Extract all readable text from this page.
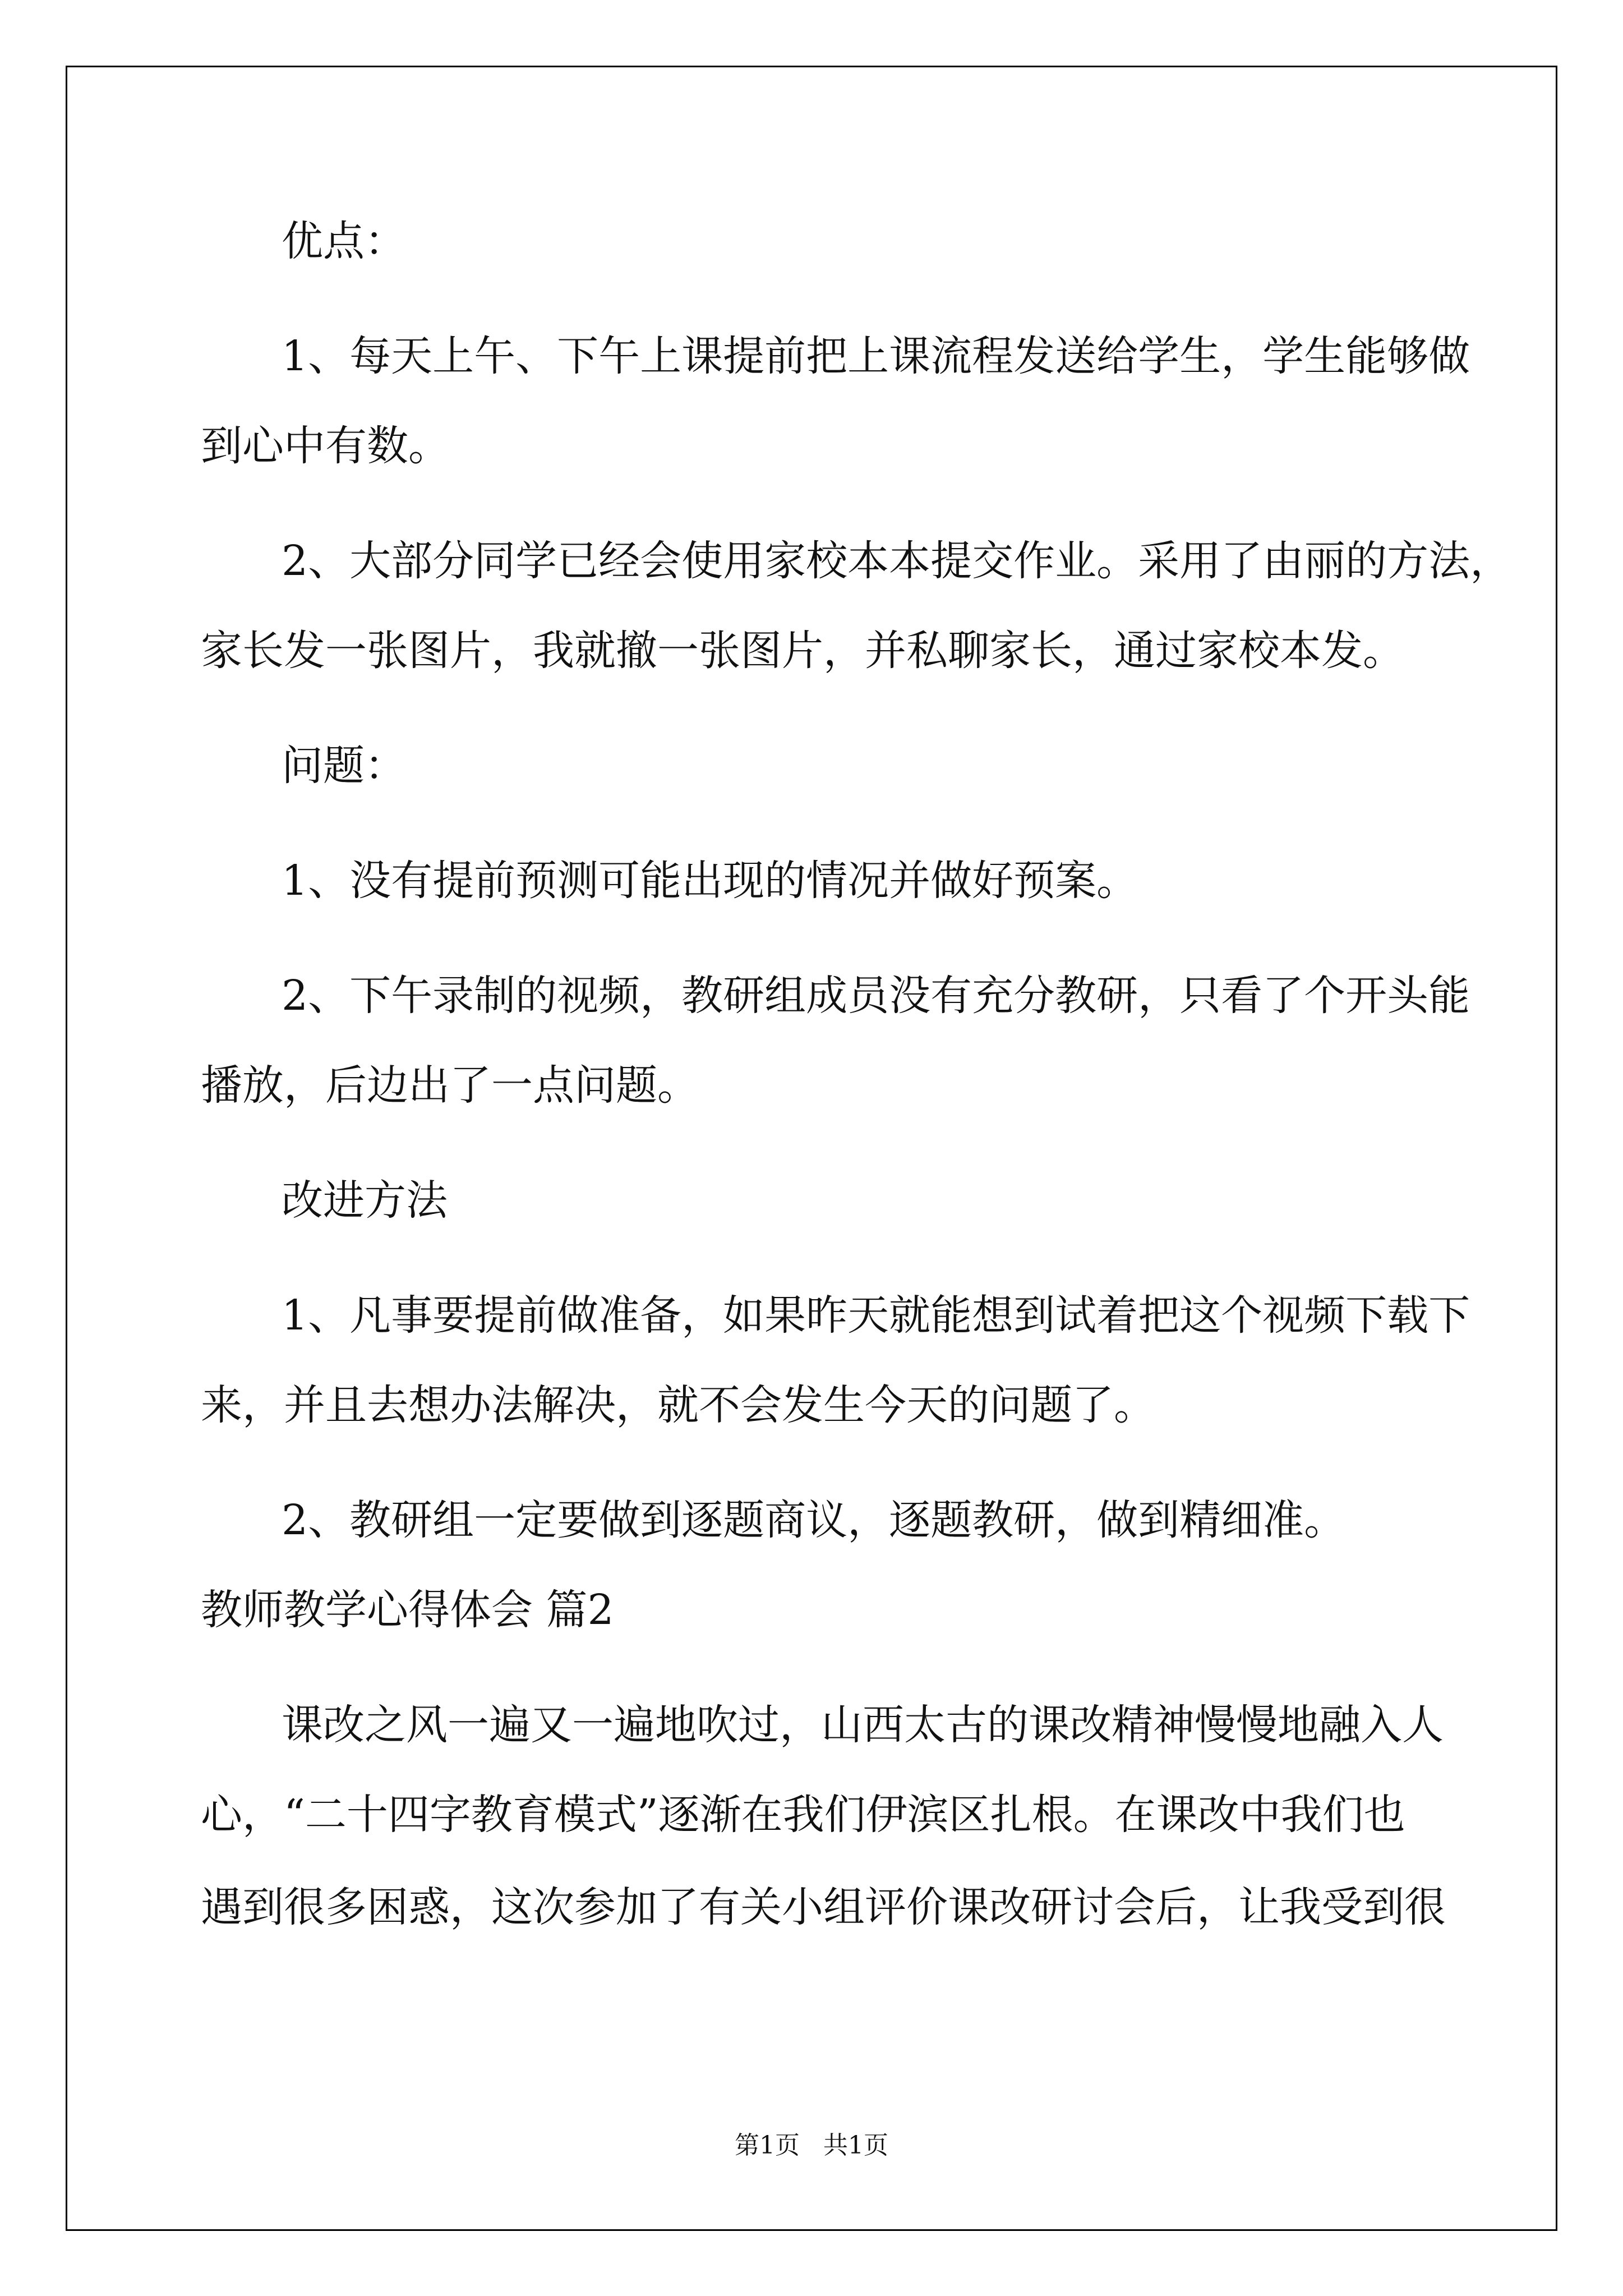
优点：
1、每天上午、下午上课提前把上课流程发送给学生，学生能够做
到心中有数。
2、大部分同学已经会使用家校本本提交作业。采用了由丽的方法，
家长发一张图片，我就撤一张图片，并私聊家长，通过家校本发。
问题：
1、没有提前预测可能出现的情况并做好预案。
2、下午录制的视频，教研组成员没有充分教研，只看了个开头能
播放，后边出了一点问题。
改进方法
1、凡事要提前做准备，如果昨天就能想到试着把这个视频下载下
来，并且去想办法解决，就不会发生今天的问题了。
2、教研组一定要做到逐题商议，逐题教研，做到精细准。
教师教学心得体会 篇2
课改之风一遍又一遍地吹过，山西太古的课改精神慢慢地融入人
心，“二十四字教育模式”逐渐在我们伊滨区扎根。在课改中我们也
遇到很多困惑，这次参加了有关小组评价课改研讨会后，让我受到很
第1页   共1页
